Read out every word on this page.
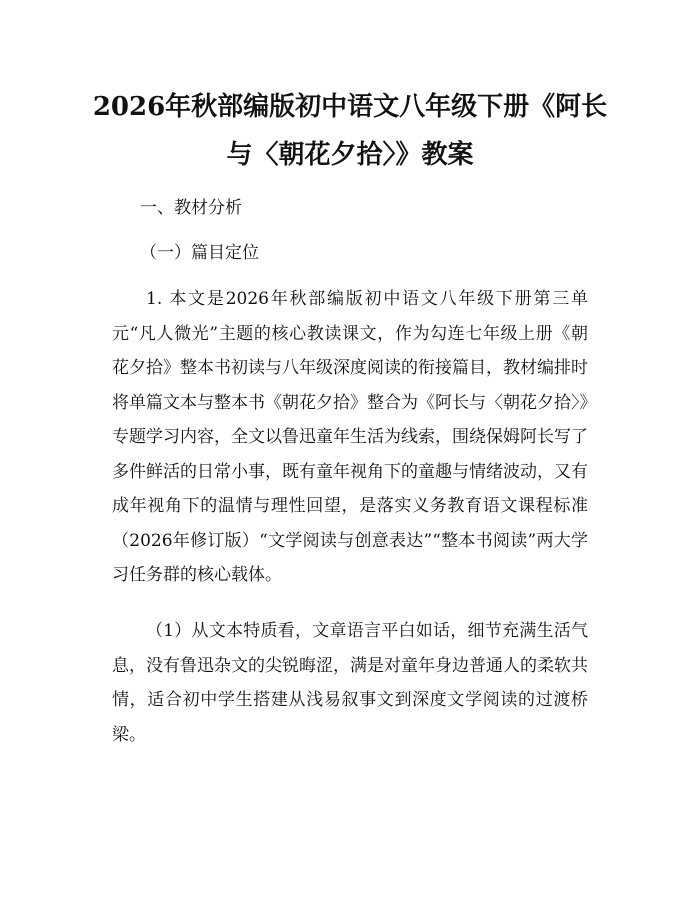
2026年秋部编版初中语文八年级下册《阿长
与〈朝花夕拾〉》教案
一、教材分析
（一）篇目定位
1. 本文是2026年秋部编版初中语文八年级下册第三单元“凡人微光”主题的核心教读课文，作为勾连七年级上册《朝花夕拾》整本书初读与八年级深度阅读的衔接篇目，教材编排时将单篇文本与整本书《朝花夕拾》整合为《阿长与〈朝花夕拾〉》专题学习内容，全文以鲁迅童年生活为线索，围绕保姆阿长写了多件鲜活的日常小事，既有童年视角下的童趣与情绪波动，又有成年视角下的温情与理性回望，是落实义务教育语文课程标准（2026年修订版）“文学阅读与创意表达”“整本书阅读”两大学习任务群的核心载体。
（1）从文本特质看，文章语言平白如话，细节充满生活气息，没有鲁迅杂文的尖锐晦涩，满是对童年身边普通人的柔软共情，适合初中学生搭建从浅易叙事文到深度文学阅读的过渡桥梁。
